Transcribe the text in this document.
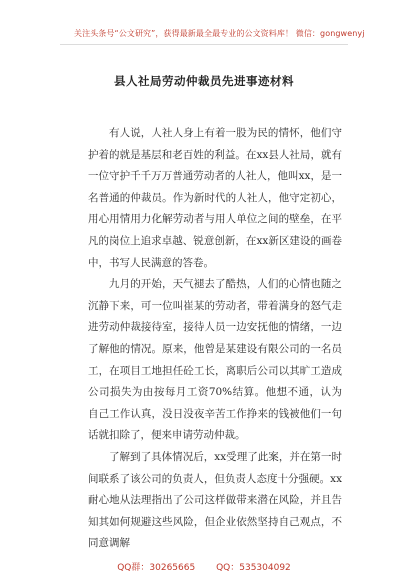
关注头条号“公文研究”，获得最新最全最专业的公文资料库！ 微信：gongwenyj
县人社局劳动仲裁员先进事迹材料

有人说，人社人身上有着一股为民的情怀，他们守护着的就是基层和老百姓的利益。在xx县人社局，就有一位守护千千万万普通劳动者的人社人，他叫xx，是一名普通的仲裁员。作为新时代的人社人，他守定初心，用心用情用力化解劳动者与用人单位之间的壁垒，在平凡的岗位上追求卓越、锐意创新，在xx新区建设的画卷中，书写人民满意的答卷。

九月的开始，天气褪去了酷热，人们的心情也随之沉静下来，可一位叫崔某的劳动者，带着满身的怒气走进劳动仲裁接待室，接待人员一边安抚他的情绪，一边了解他的情况。原来，他曾是某建设有限公司的一名员工，在项目工地担任砼工长，离职后公司以其旷工造成公司损失为由按每月工资70%结算。他想不通，认为自己工作认真，没日没夜辛苦工作挣来的钱被他们一句话就扣除了，便来申请劳动仲裁。

了解到了具体情况后，xx受理了此案，并在第一时间联系了该公司的负责人，但负责人态度十分强硬。xx耐心地从法理指出了公司这样做带来潜在风险，并且告知其如何规避这些风险，但企业依然坚持自己观点，不同意调解

QQ群：30265665 QQ：535304092
